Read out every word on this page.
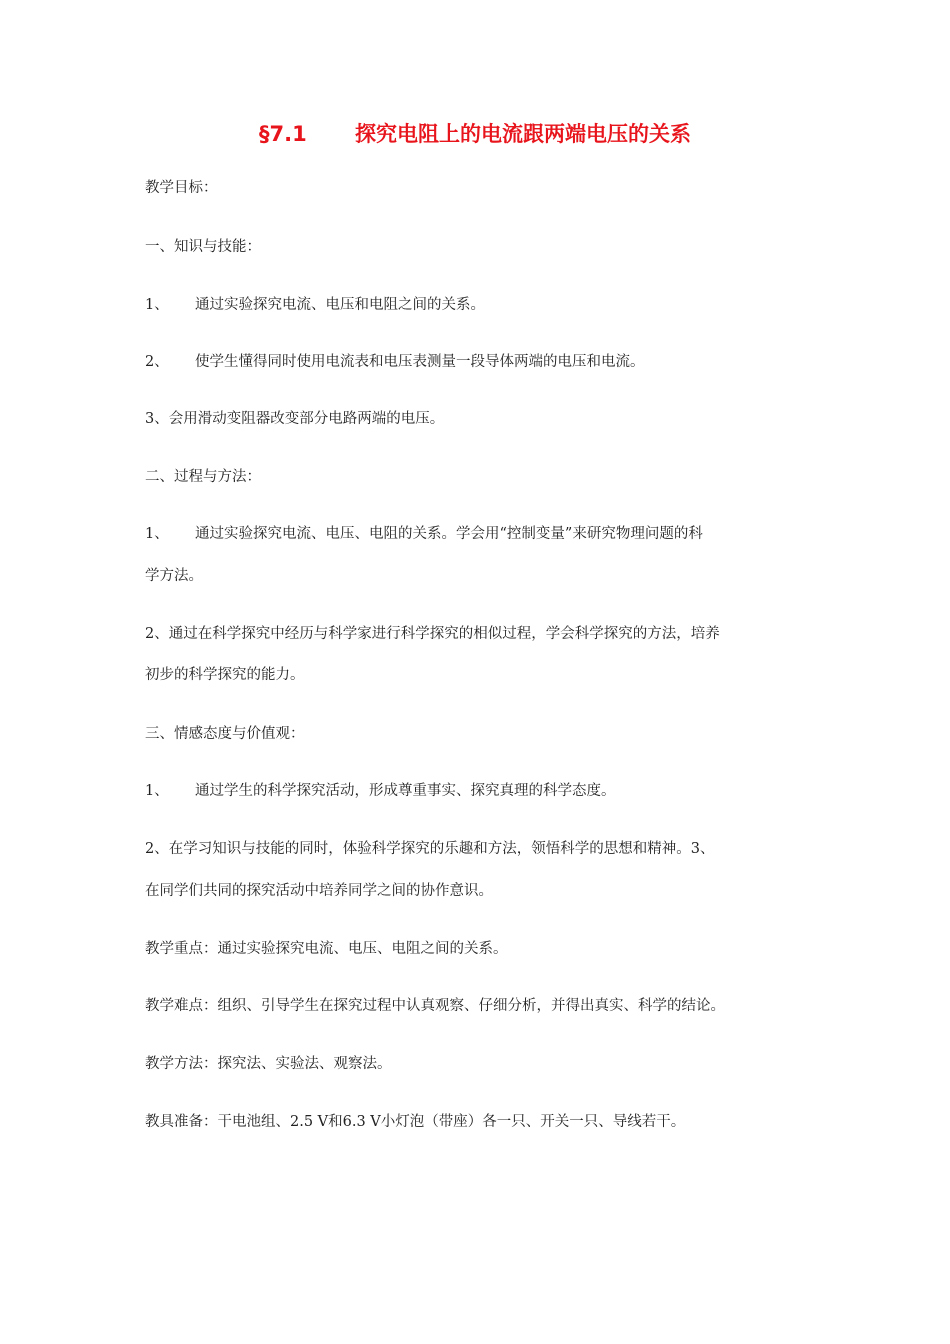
§7.1 探究电阻上的电流跟两端电压的关系
教学目标：
一、知识与技能：
1、 通过实验探究电流、电压和电阻之间的关系。
2、 使学生懂得同时使用电流表和电压表测量一段导体两端的电压和电流。
3、会用滑动变阻器改变部分电路两端的电压。
二、过程与方法：
1、 通过实验探究电流、电压、电阻的关系。学会用“控制变量”来研究物理问题的科
学方法。
2、通过在科学探究中经历与科学家进行科学探究的相似过程，学会科学探究的方法，培养
初步的科学探究的能力。
三、情感态度与价值观：
1、 通过学生的科学探究活动，形成尊重事实、探究真理的科学态度。
2、在学习知识与技能的同时，体验科学探究的乐趣和方法，领悟科学的思想和精神。3、
在同学们共同的探究活动中培养同学之间的协作意识。
教学重点：通过实验探究电流、电压、电阻之间的关系。
教学难点：组织、引导学生在探究过程中认真观察、仔细分析，并得出真实、科学的结论。
教学方法：探究法、实验法、观察法。
教具准备：干电池组、2.5 V和6.3 V小灯泡（带座）各一只、开关一只、导线若干。
